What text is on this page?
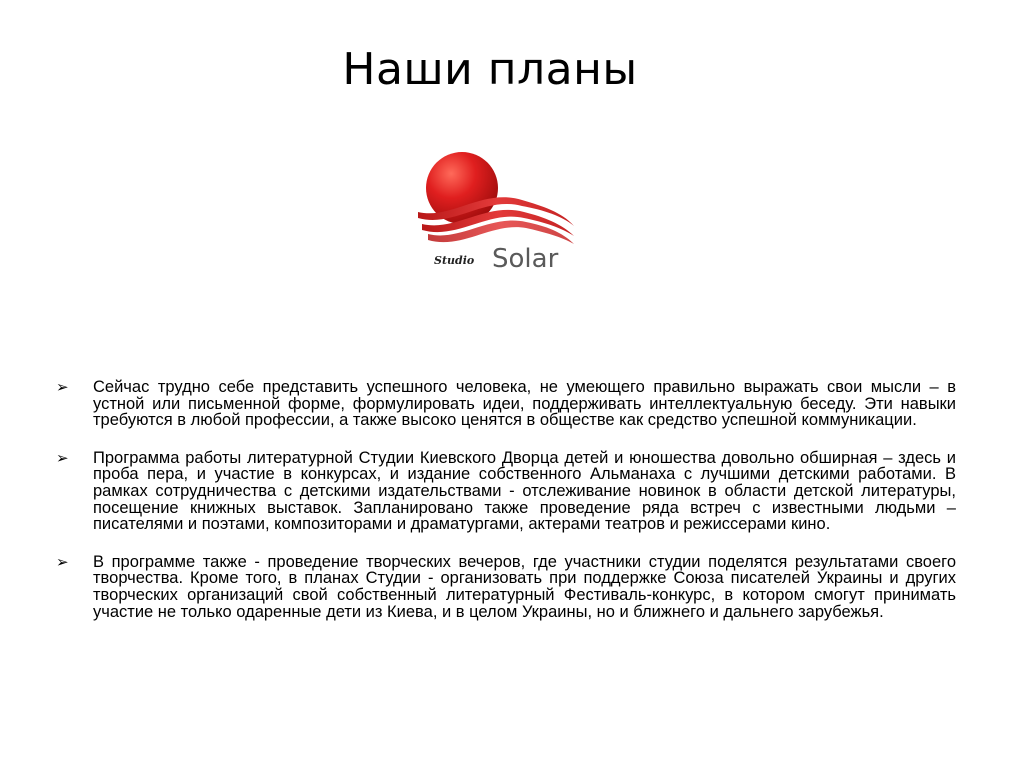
Наши планы
Studio Solar
➢ Сейчас трудно себе представить успешного человека, не умеющего правильно выражать свои мысли – в устной или письменной форме, формулировать идеи, поддерживать интеллектуальную беседу. Эти навыки требуются в любой профессии, а также высоко ценятся в обществе как средство успешной коммуникации.

➢ Программа работы литературной Студии Киевского Дворца детей и юношества довольно обширная – здесь и проба пера, и участие в конкурсах, и издание собственного Альманаха с лучшими детскими работами. В рамках сотрудничества с детскими издательствами - отслеживание новинок в области детской литературы, посещение книжных выставок. Запланировано также проведение ряда встреч с известными людьми – писателями и поэтами, композиторами и драматургами, актерами театров и режиссерами кино.

➢ В программе также - проведение творческих вечеров, где участники студии поделятся результатами своего творчества. Кроме того, в планах Студии - организовать при поддержке Союза писателей Украины и других творческих организаций свой собственный литературный Фестиваль-конкурс, в котором смогут принимать участие не только одаренные дети из Киева, и в целом Украины, но и ближнего и дальнего зарубежья.
